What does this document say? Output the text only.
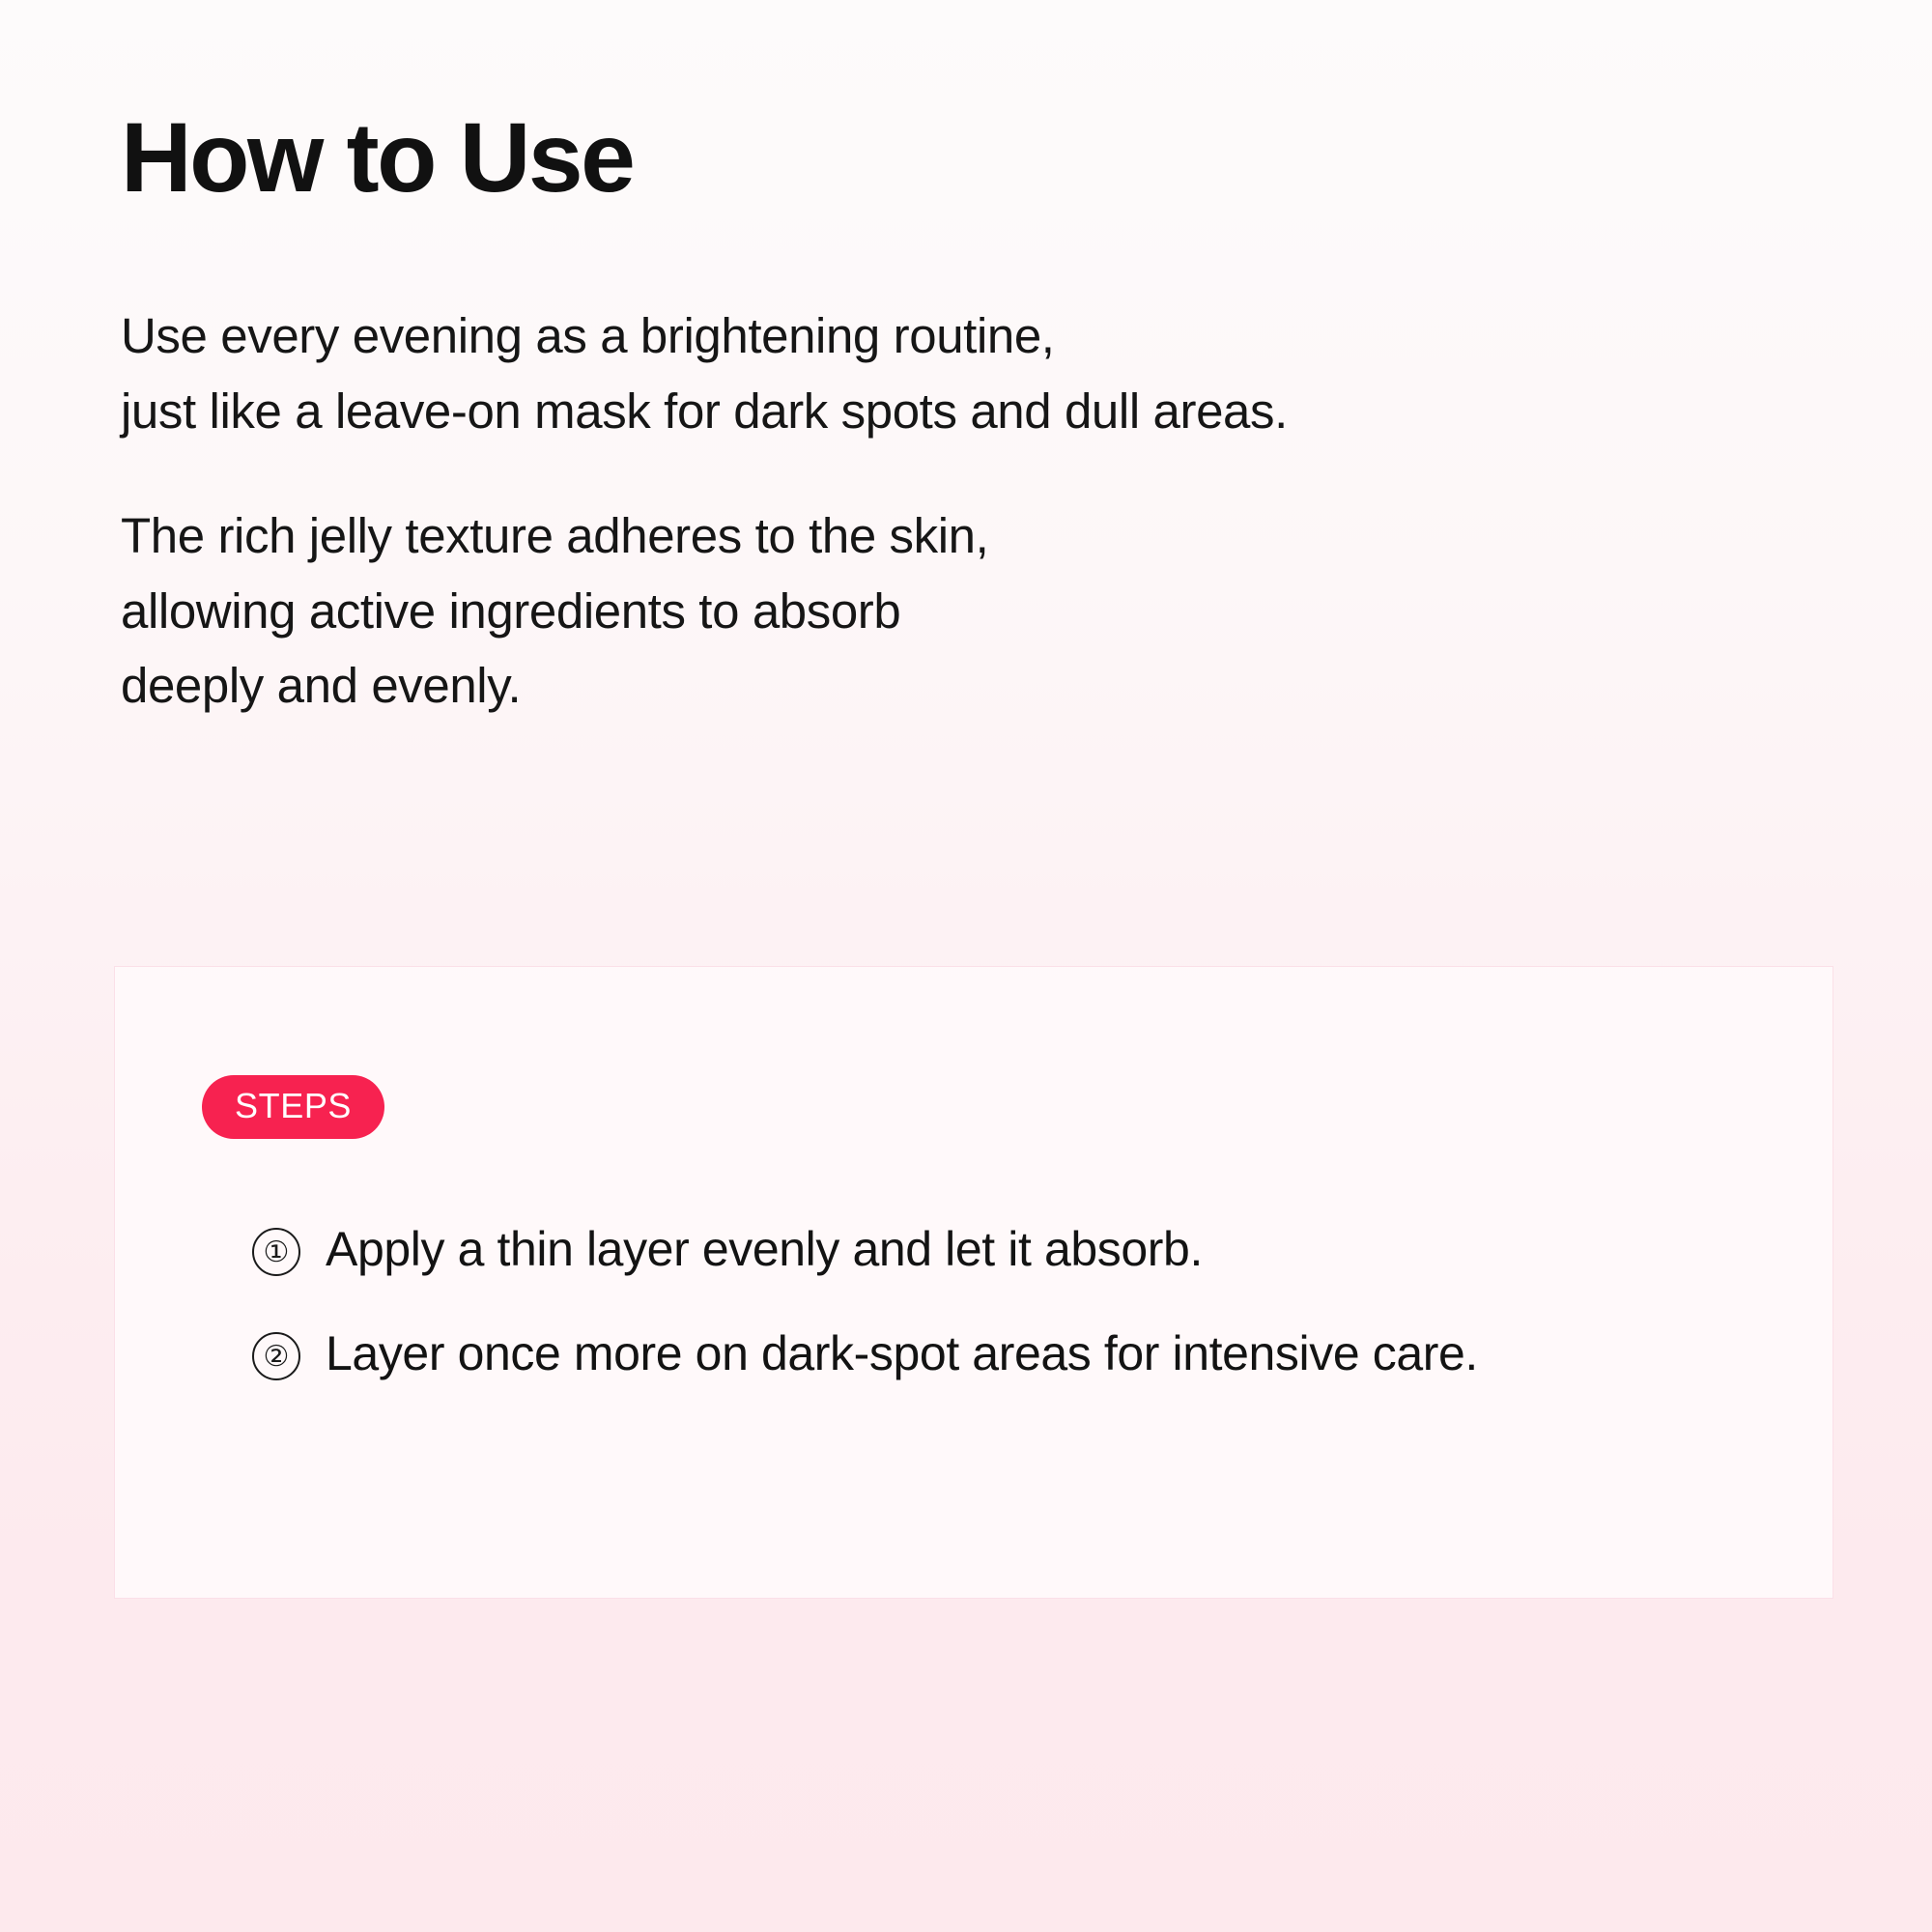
How to Use

Use every evening as a brightening routine,
just like a leave-on mask for dark spots and dull areas.

The rich jelly texture adheres to the skin,
allowing active ingredients to absorb
deeply and evenly.

STEPS
① Apply a thin layer evenly and let it absorb.
② Layer once more on dark-spot areas for intensive care.
